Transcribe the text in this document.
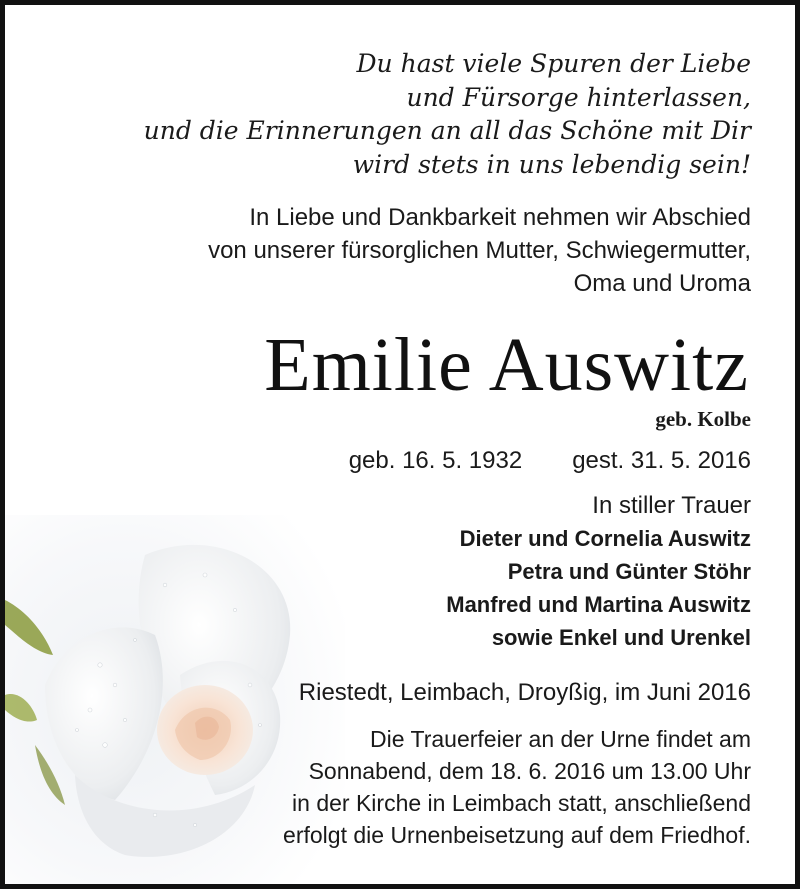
Du hast viele Spuren der Liebe
und Fürsorge hinterlassen,
und die Erinnerungen an all das Schöne mit Dir
wird stets in uns lebendig sein!
In Liebe und Dankbarkeit nehmen wir Abschied
von unserer fürsorglichen Mutter, Schwiegermutter,
Oma und Uroma
Emilie Auswitz
geb. Kolbe
geb. 16. 5. 1932 gest. 31. 5. 2016
In stiller Trauer
Dieter und Cornelia Auswitz
Petra und Günter Stöhr
Manfred und Martina Auswitz
sowie Enkel und Urenkel
Riestedt, Leimbach, Droyßig, im Juni 2016
Die Trauerfeier an der Urne findet am
Sonnabend, dem 18. 6. 2016 um 13.00 Uhr
in der Kirche in Leimbach statt, anschließend
erfolgt die Urnenbeisetzung auf dem Friedhof.
